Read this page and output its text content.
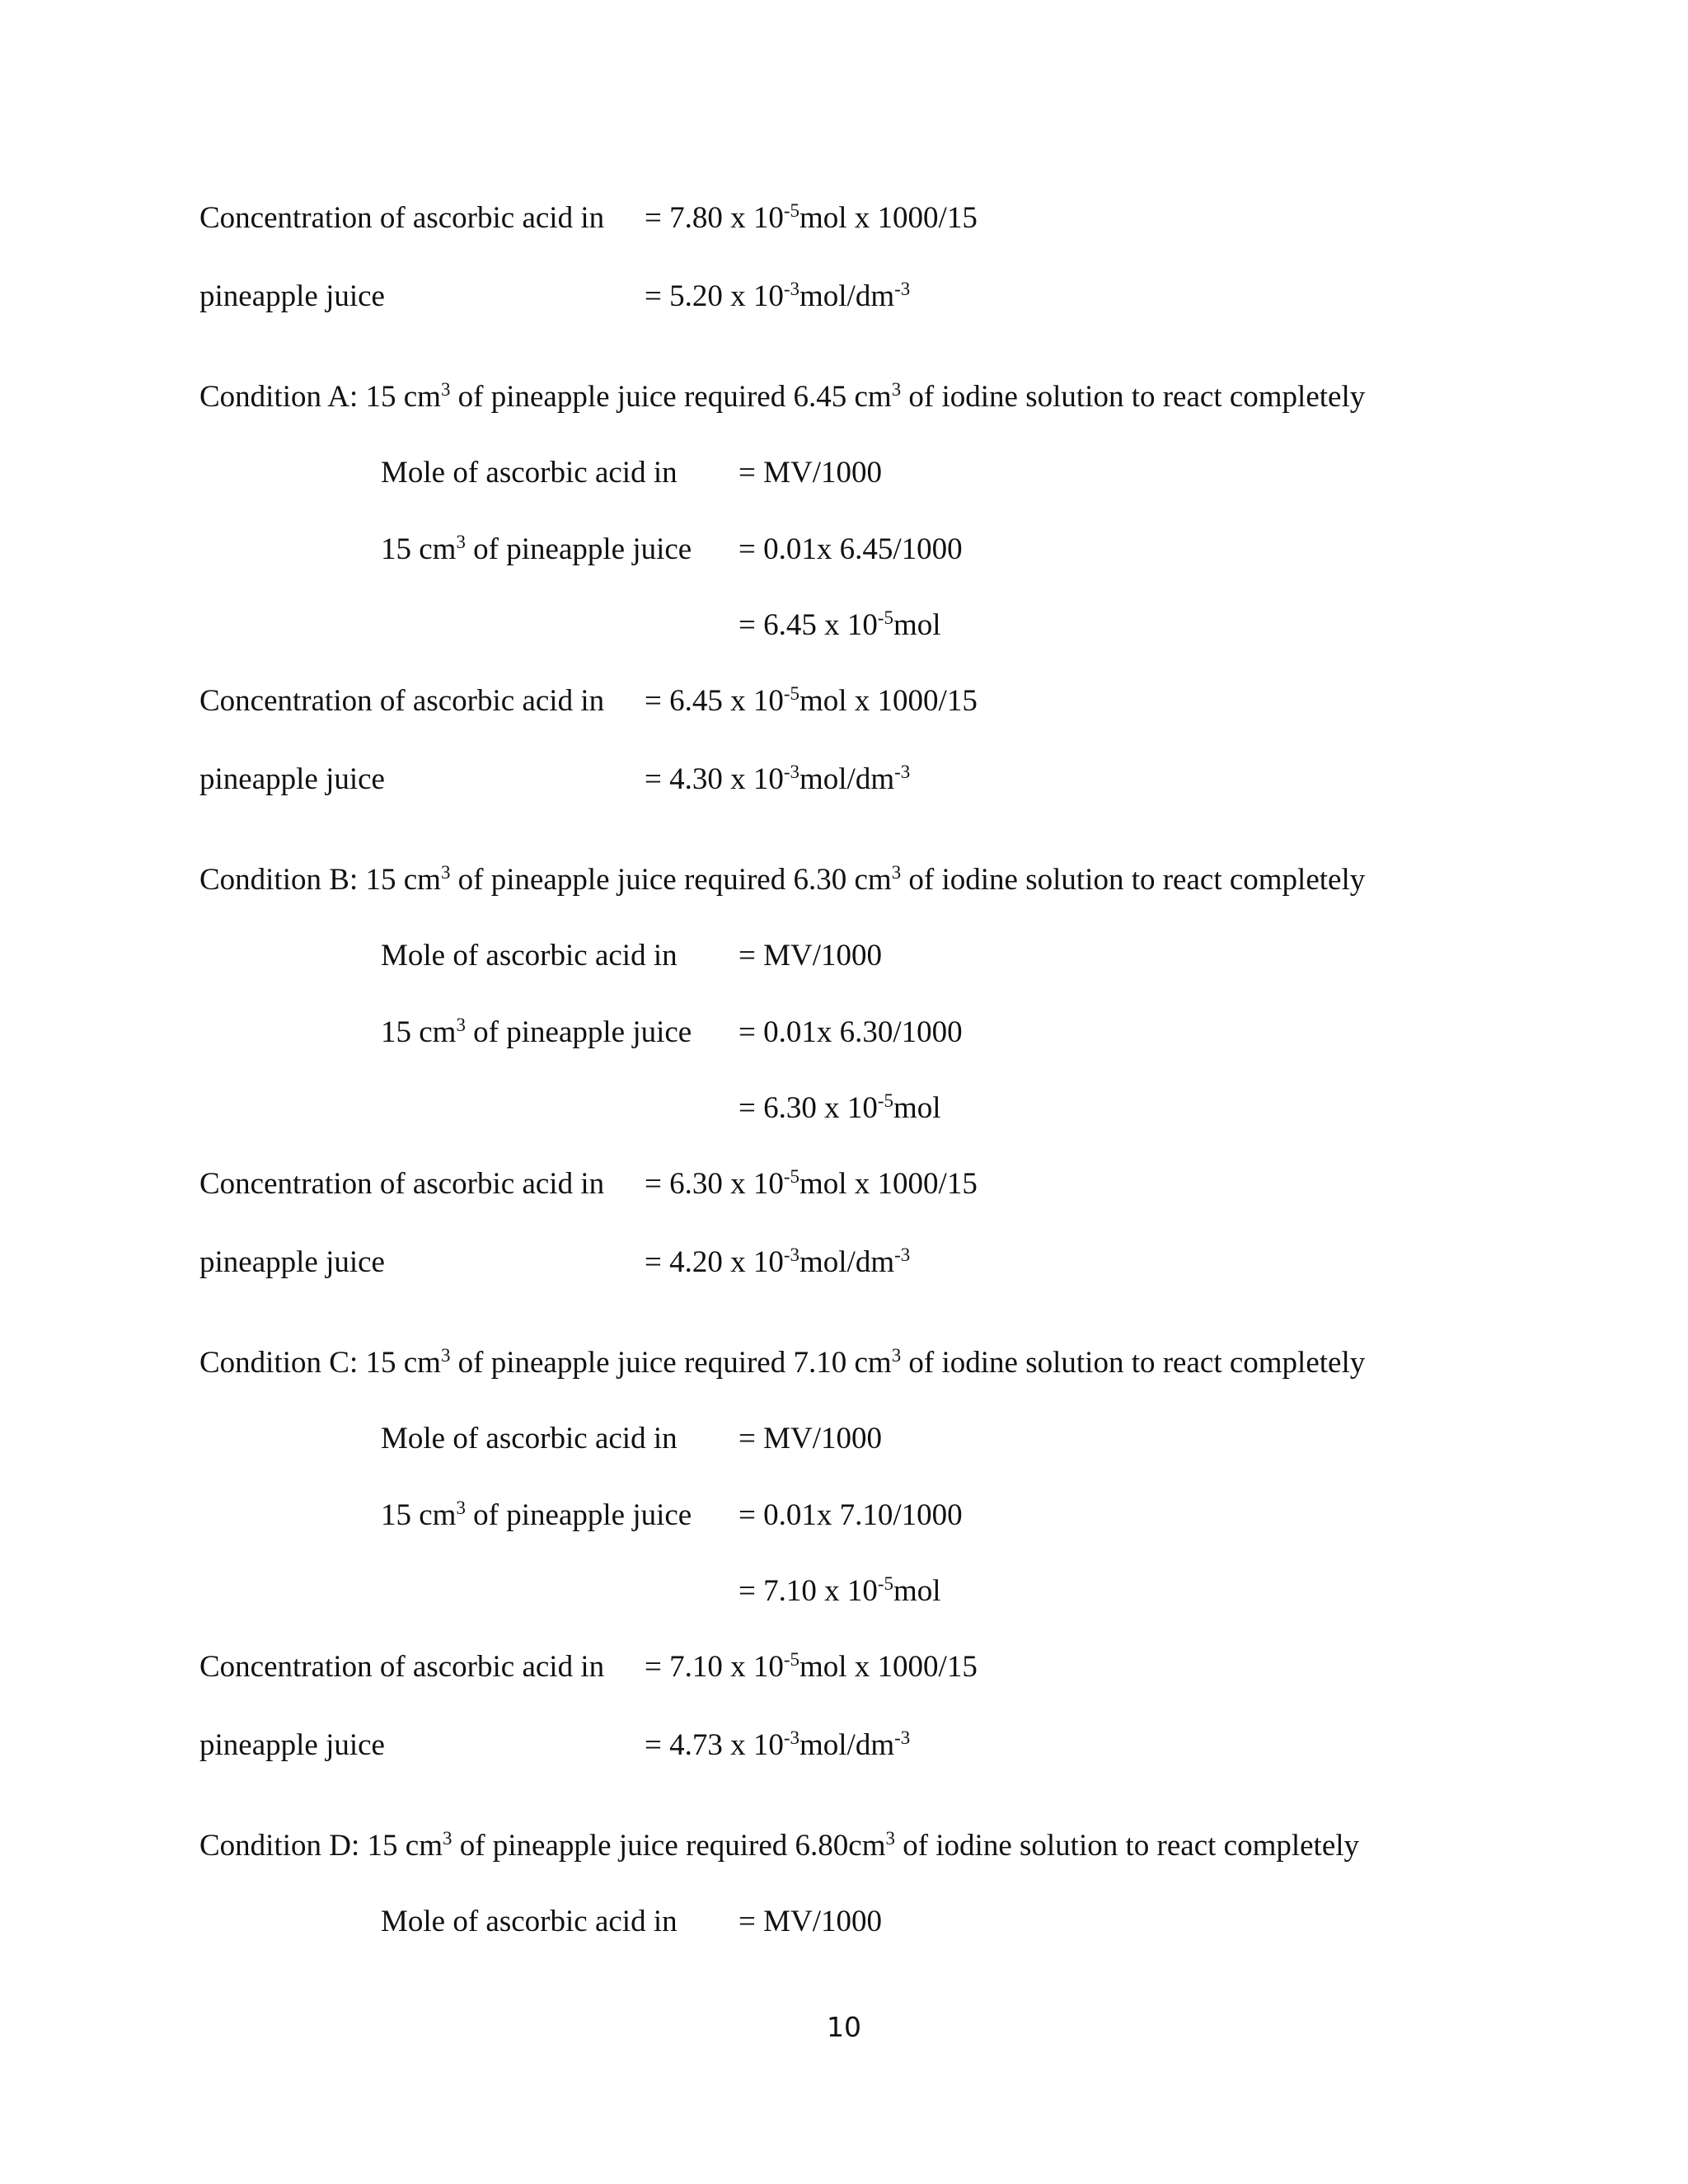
Concentration of ascorbic acid in = 7.80 x $10^{-5}mol$ x 1000/15
pineapple juice	= 5.20 x $10^{-3}mol/dm^{-3}$
Condition A: 15 $cm^3$ of pineapple juice required 6.45 $cm^3$ of iodine solution to react completely
Mole of ascorbic acid in = MV/1000
15 $cm^3$ of pineapple juice = 0.01x 6.45/1000
= 6.45 x $10^{-5}mol$
Concentration of ascorbic acid in = 6.45 x $10^{-5}mol$ x 1000/15
pineapple juice	= 4.30 x $10^{-3}mol/dm^{-3}$
Condition B: 15 $cm^3$ of pineapple juice required 6.30 $cm^3$ of iodine solution to react completely
Mole of ascorbic acid in = MV/1000
15 $cm^3$ of pineapple juice = 0.01x 6.30/1000
= 6.30 x $10^{-5}mol$
Concentration of ascorbic acid in = 6.30 x $10^{-5}mol$ x 1000/15
pineapple juice	= 4.20 x $10^{-3}mol/dm^{-3}$
Condition C: 15 $cm^3$ of pineapple juice required 7.10 $cm^3$ of iodine solution to react completely
Mole of ascorbic acid in = MV/1000
15 $cm^3$ of pineapple juice = 0.01x 7.10/1000
= 7.10 x $10^{-5}mol$
Concentration of ascorbic acid in = 7.10 x $10^{-5}mol$ x 1000/15
pineapple juice	= 4.73 x $10^{-3}mol/dm^{-3}$
Condition D: 15 $cm^3$ of pineapple juice required $6.80cm^3$ of iodine solution to react completely
Mole of ascorbic acid in = MV/1000
10
